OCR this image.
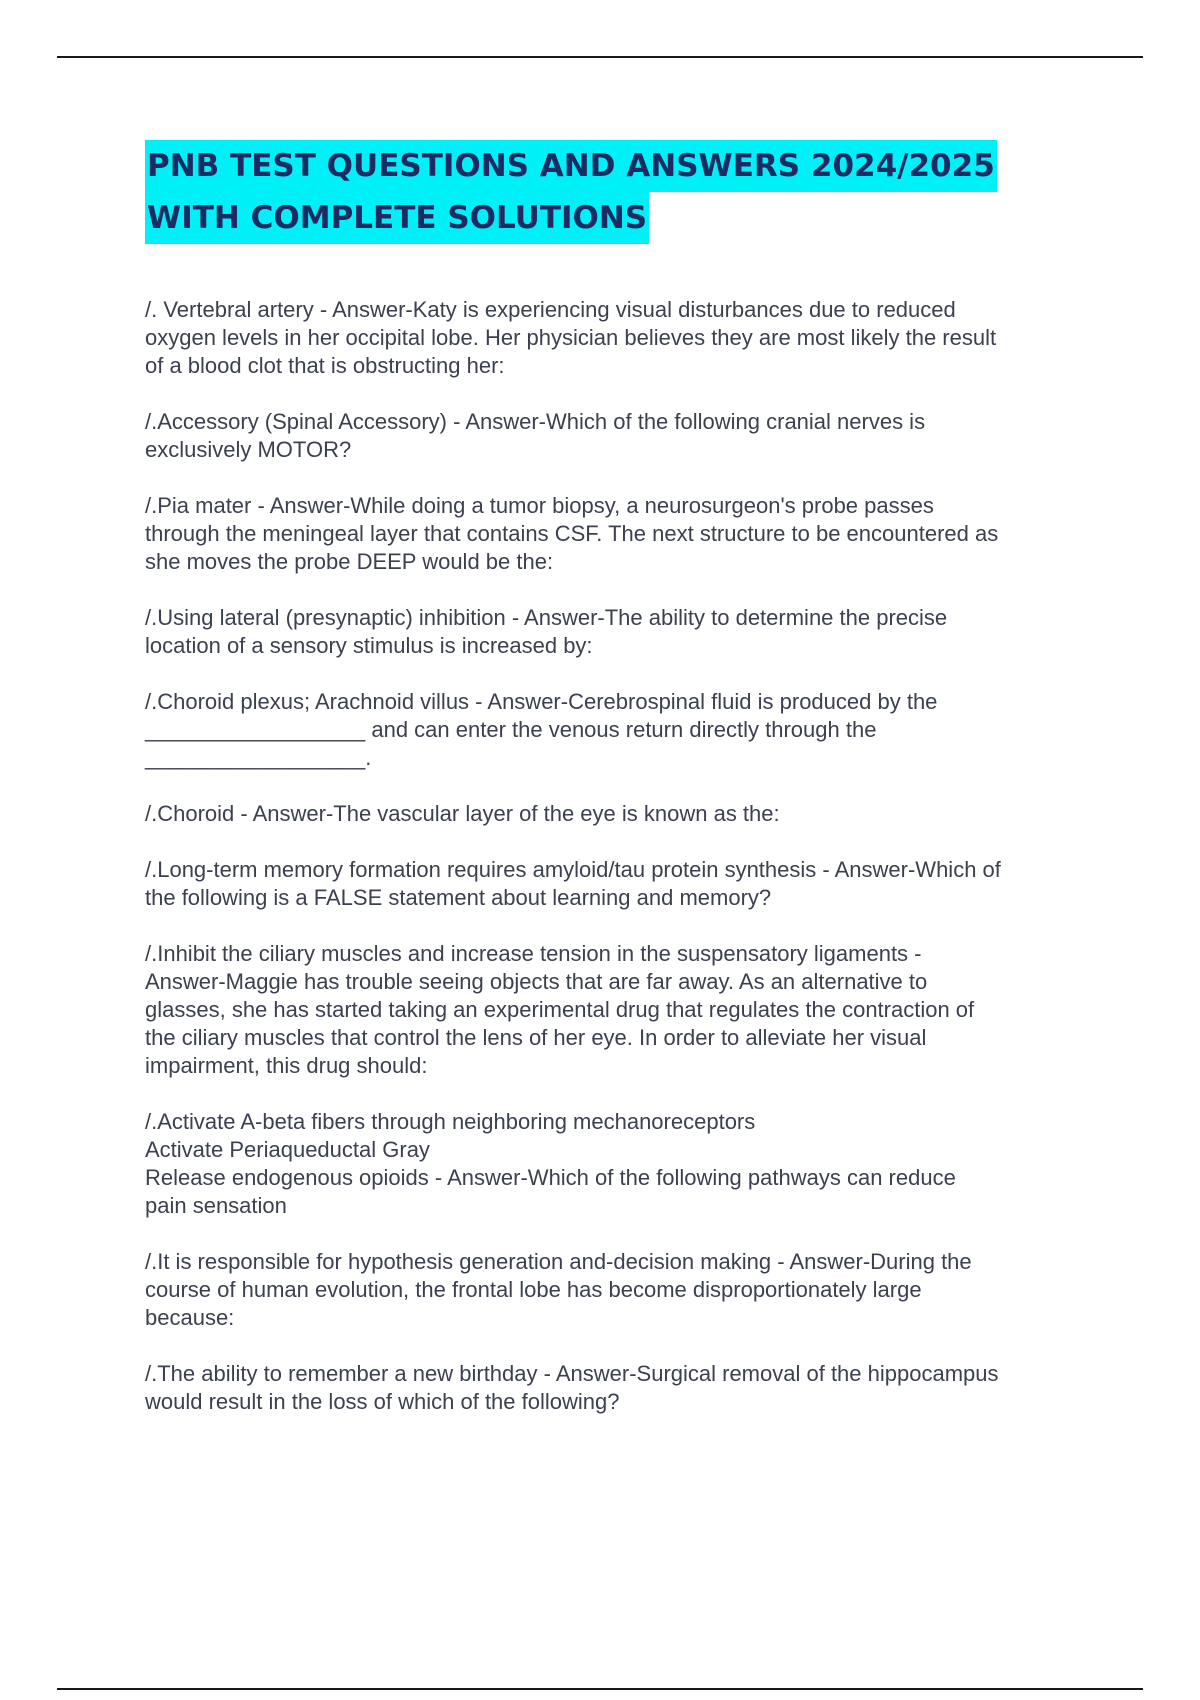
PNB TEST QUESTIONS AND ANSWERS 2024/2025
WITH COMPLETE SOLUTIONS
/. Vertebral artery - Answer-Katy is experiencing visual disturbances due to reduced
oxygen levels in her occipital lobe. Her physician believes they are most likely the result
of a blood clot that is obstructing her:
/.Accessory (Spinal Accessory) - Answer-Which of the following cranial nerves is
exclusively MOTOR?
/.Pia mater - Answer-While doing a tumor biopsy, a neurosurgeon's probe passes
through the meningeal layer that contains CSF. The next structure to be encountered as
she moves the probe DEEP would be the:
/.Using lateral (presynaptic) inhibition - Answer-The ability to determine the precise
location of a sensory stimulus is increased by:
/.Choroid plexus; Arachnoid villus - Answer-Cerebrospinal fluid is produced by the
__________________ and can enter the venous return directly through the
__________________.
/.Choroid - Answer-The vascular layer of the eye is known as the:
/.Long-term memory formation requires amyloid/tau protein synthesis - Answer-Which of
the following is a FALSE statement about learning and memory?
/.Inhibit the ciliary muscles and increase tension in the suspensatory ligaments -
Answer-Maggie has trouble seeing objects that are far away. As an alternative to
glasses, she has started taking an experimental drug that regulates the contraction of
the ciliary muscles that control the lens of her eye. In order to alleviate her visual
impairment, this drug should:
/.Activate A-beta fibers through neighboring mechanoreceptors
Activate Periaqueductal Gray
Release endogenous opioids - Answer-Which of the following pathways can reduce
pain sensation
/.It is responsible for hypothesis generation and-decision making - Answer-During the
course of human evolution, the frontal lobe has become disproportionately large
because:
/.The ability to remember a new birthday - Answer-Surgical removal of the hippocampus
would result in the loss of which of the following?
